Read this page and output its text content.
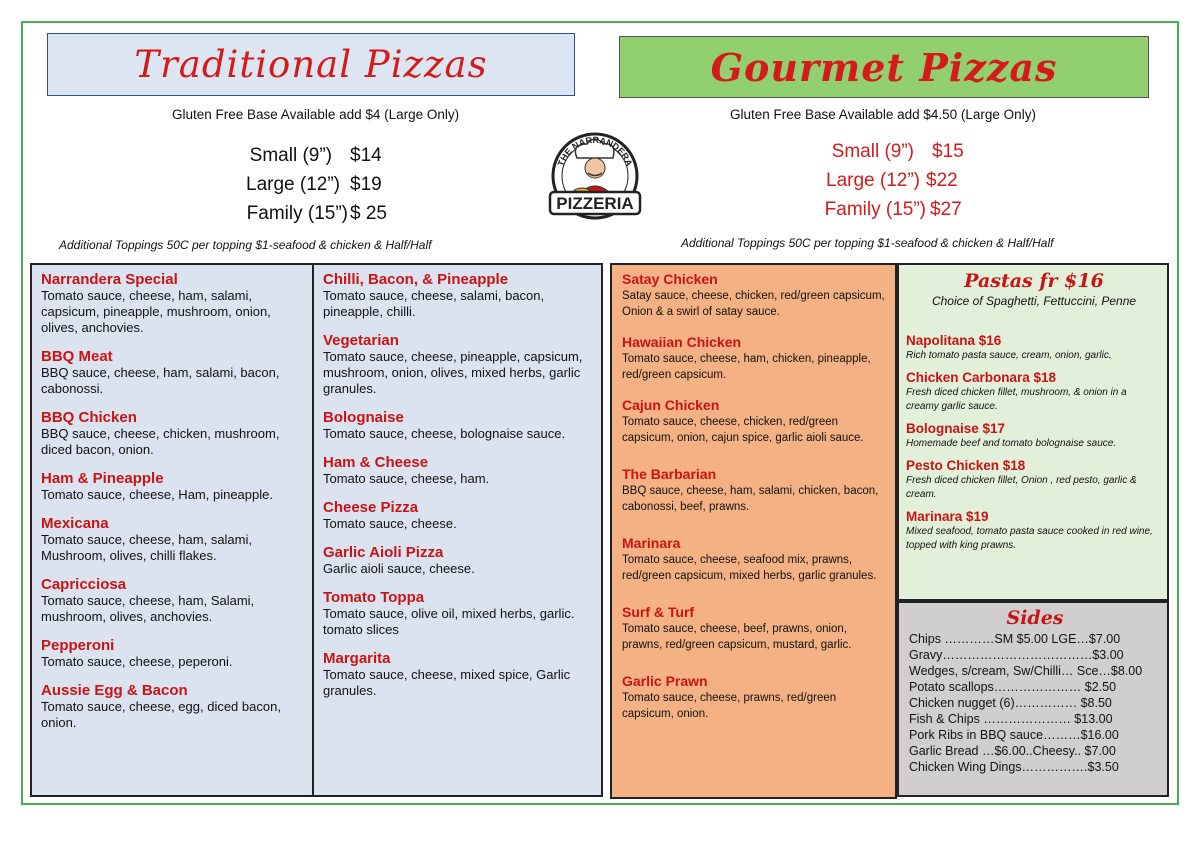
Traditional Pizzas	Gourmet Pizzas
Gluten Free Base Available add $4 (Large Only)	Gluten Free Base Available add $4.50 (Large Only)
Small (9”) $14
Large (12”) $19
Family (15”) $ 25
Small (9”) $15
Large (12”) $22
Family (15”) $27
PIZZERIA
THE NARRANDERA
Additional Toppings 50C per topping $1-seafood & chicken & Half/Half	Additional Toppings 50C per topping $1-seafood & chicken & Half/Half
Narrandera Special
Tomato sauce, cheese, ham, salami, capsicum, pineapple, mushroom, onion, olives, anchovies.
BBQ Meat
BBQ sauce, cheese, ham, salami, bacon, cabonossi.
BBQ Chicken
BBQ sauce, cheese, chicken, mushroom, diced bacon, onion.
Ham & Pineapple
Tomato sauce, cheese, Ham, pineapple.
Mexicana
Tomato sauce, cheese, ham, salami, Mushroom, olives, chilli flakes.
Capricciosa
Tomato sauce, cheese, ham, Salami, mushroom, olives, anchovies.
Pepperoni
Tomato sauce, cheese, peperoni.
Aussie Egg & Bacon
Tomato sauce, cheese, egg, diced bacon, onion.
Chilli, Bacon, & Pineapple
Tomato sauce, cheese, salami, bacon, pineapple, chilli.
Vegetarian
Tomato sauce, cheese, pineapple, capsicum, mushroom, onion, olives, mixed herbs, garlic granules.
Bolognaise
Tomato sauce, cheese, bolognaise sauce.
Ham & Cheese
Tomato sauce, cheese, ham.
Cheese Pizza
Tomato sauce, cheese.
Garlic Aioli Pizza
Garlic aioli sauce, cheese.
Tomato Toppa
Tomato sauce, olive oil, mixed herbs, garlic. tomato slices
Margarita
Tomato sauce, cheese, mixed spice, Garlic granules.
Satay Chicken
Satay sauce, cheese, chicken, red/green capsicum, Onion & a swirl of satay sauce.
Hawaiian Chicken
Tomato sauce, cheese, ham, chicken, pineapple, red/green capsicum.
Cajun Chicken
Tomato sauce, cheese, chicken, red/green capsicum, onion, cajun spice, garlic aioli sauce.
The Barbarian
BBQ sauce, cheese, ham, salami, chicken, bacon, cabonossi, beef, prawns.
Marinara
Tomato sauce, cheese, seafood mix, prawns, red/green capsicum, mixed herbs, garlic granules.
Surf & Turf
Tomato sauce, cheese, beef, prawns, onion, prawns, red/green capsicum, mustard, garlic.
Garlic Prawn
Tomato sauce, cheese, prawns, red/green capsicum, onion.
Pastas fr $16
Choice of Spaghetti, Fettuccini, Penne
Napolitana $16
Rich tomato pasta sauce, cream, onion, garlic.
Chicken Carbonara $18
Fresh diced chicken fillet, mushroom, & onion in a creamy garlic sauce.
Bolognaise $17
Homemade beef and tomato bolognaise sauce.
Pesto Chicken $18
Fresh diced chicken fillet, Onion , red pesto, garlic & cream.
Marinara $19
Mixed seafood, tomato pasta sauce cooked in red wine, topped with king prawns.
Sides
Chips …………SM $5.00 LGE…$7.00
Gravy………………………………$3.00
Wedges, s/cream, Sw/Chilli… Sce…$8.00
Potato scallops………………… $2.50
Chicken nugget (6)…………… $8.50
Fish & Chips ………………… $13.00
Pork Ribs in BBQ sauce………$16.00
Garlic Bread …$6.00..Cheesy.. $7.00
Chicken Wing Dings…………….$3.50
